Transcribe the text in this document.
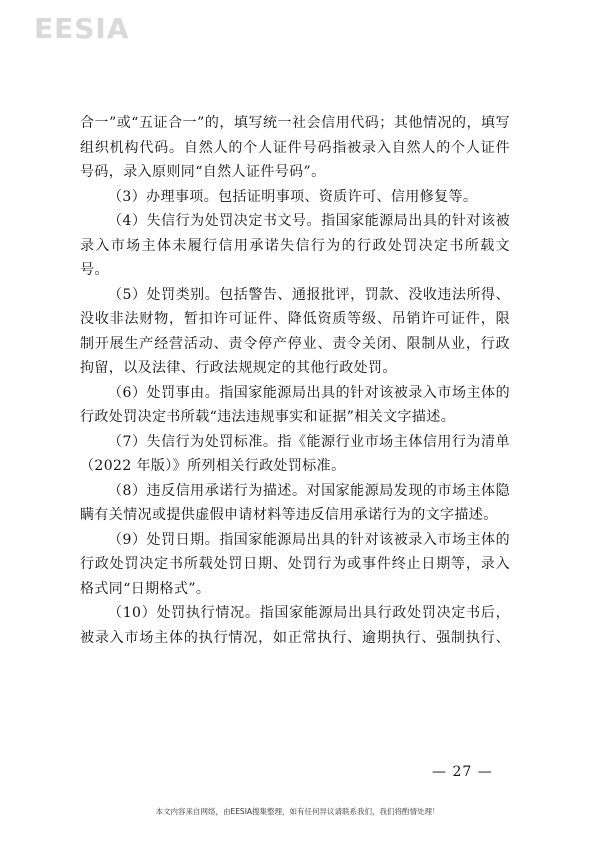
EESIA
合一”或“五证合一”的，填写统一社会信用代码；其他情况的，填写
组织机构代码。自然人的个人证件号码指被录入自然人的个人证件
号码，录入原则同“自然人证件号码”。
（3）办理事项。包括证明事项、资质许可、信用修复等。
（4）失信行为处罚决定书文号。指国家能源局出具的针对该被
录入市场主体未履行信用承诺失信行为的行政处罚决定书所载文
号。
（5）处罚类别。包括警告、通报批评，罚款、没收违法所得、
没收非法财物，暂扣许可证件、降低资质等级、吊销许可证件，限
制开展生产经营活动、责令停产停业、责令关闭、限制从业，行政
拘留，以及法律、行政法规规定的其他行政处罚。
（6）处罚事由。指国家能源局出具的针对该被录入市场主体的
行政处罚决定书所载“违法违规事实和证据”相关文字描述。
（7）失信行为处罚标准。指《能源行业市场主体信用行为清单
（2022 年版）》所列相关行政处罚标准。
（8）违反信用承诺行为描述。对国家能源局发现的市场主体隐
瞒有关情况或提供虚假申请材料等违反信用承诺行为的文字描述。
（9）处罚日期。指国家能源局出具的针对该被录入市场主体的
行政处罚决定书所载处罚日期、处罚行为或事件终止日期等，录入
格式同“日期格式”。
（10）处罚执行情况。指国家能源局出具行政处罚决定书后，
被录入市场主体的执行情况，如正常执行、逾期执行、强制执行、
— 27 —
本文内容来自网络，由EESIA搜集整理，如有任何异议请联系我们，我们将酌情处理！
